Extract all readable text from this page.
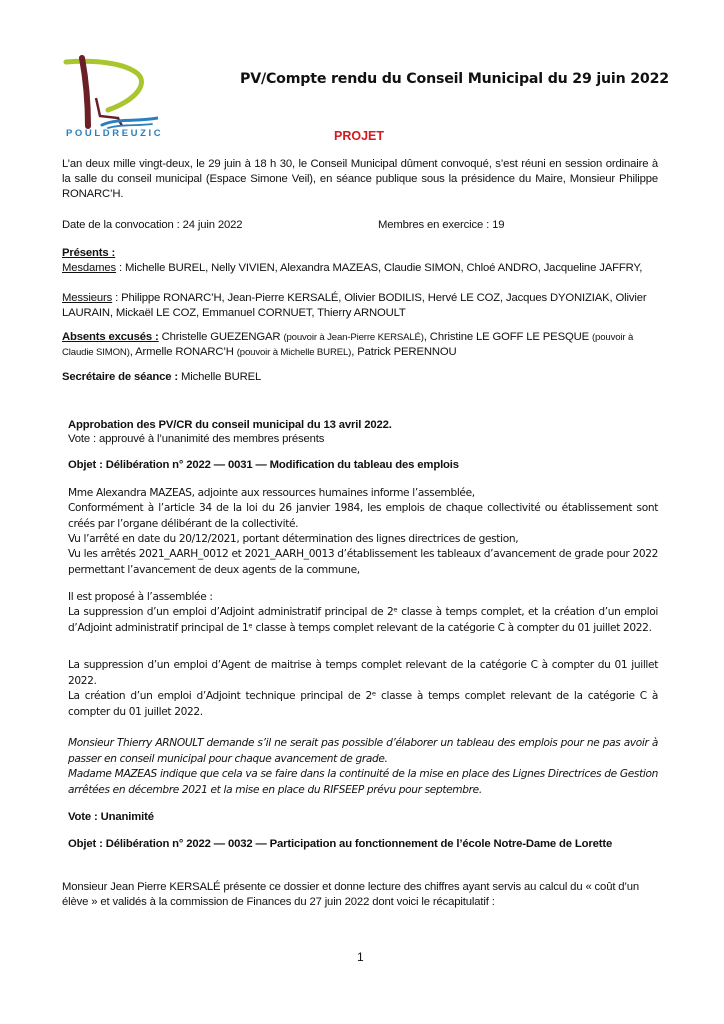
POULDREUZIC
PV/Compte rendu du Conseil Municipal du 29 juin 2022
PROJET
L’an deux mille vingt-deux, le 29 juin à 18 h 30, le Conseil Municipal dûment convoqué, s’est réuni en session ordinaire à la salle du conseil municipal (Espace Simone Veil), en séance publique sous la présidence du Maire, Monsieur Philippe RONARC’H.
Date de la convocation : 24 juin 2022	Membres en exercice : 19
Présents :
Mesdames : Michelle BUREL, Nelly VIVIEN, Alexandra MAZEAS, Claudie SIMON, Chloé ANDRO, Jacqueline JAFFRY,
Messieurs : Philippe RONARC’H, Jean-Pierre KERSALÉ, Olivier BODILIS, Hervé LE COZ, Jacques DYONIZIAK, Olivier LAURAIN, Mickaël LE COZ, Emmanuel CORNUET, Thierry ARNOULT
Absents excusés : Christelle GUEZENGAR (pouvoir à Jean-Pierre KERSALÉ), Christine LE GOFF LE PESQUE (pouvoir à Claudie SIMON), Armelle RONARC’H (pouvoir à Michelle BUREL), Patrick PERENNOU
Secrétaire de séance : Michelle BUREL
Approbation des PV/CR du conseil municipal du 13 avril 2022.
Vote : approuvé à l’unanimité des membres présents
Objet : Délibération n° 2022 — 0031 — Modification du tableau des emplois
Mme Alexandra MAZEAS, adjointe aux ressources humaines informe l’assemblée,
Conformément à l’article 34 de la loi du 26 janvier 1984, les emplois de chaque collectivité ou établissement sont créés par l’organe délibérant de la collectivité.
Vu l’arrêté en date du 20/12/2021, portant détermination des lignes directrices de gestion,
Vu les arrêtés 2021_AARH_0012 et 2021_AARH_0013 d’établissement les tableaux d’avancement de grade pour 2022 permettant l’avancement de deux agents de la commune,
Il est proposé à l’assemblée :
La suppression d’un emploi d’Adjoint administratif principal de 2ᵉ classe à temps complet, et la création d’un emploi d’Adjoint administratif principal de 1ᵉ classe à temps complet relevant de la catégorie C à compter du 01 juillet 2022.
La suppression d’un emploi d’Agent de maitrise à temps complet relevant de la catégorie C à compter du 01 juillet 2022.
La création d’un emploi d’Adjoint technique principal de 2ᵉ classe à temps complet relevant de la catégorie C à compter du 01 juillet 2022.
Monsieur Thierry ARNOULT demande s’il ne serait pas possible d’élaborer un tableau des emplois pour ne pas avoir à passer en conseil municipal pour chaque avancement de grade.
Madame MAZEAS indique que cela va se faire dans la continuité de la mise en place des Lignes Directrices de Gestion arrêtées en décembre 2021 et la mise en place du RIFSEEP prévu pour septembre.
Vote : Unanimité
Objet : Délibération n° 2022 — 0032 — Participation au fonctionnement de l’école Notre-Dame de Lorette
Monsieur Jean Pierre KERSALÉ présente ce dossier et donne lecture des chiffres ayant servis au calcul du « coût d’un élève » et validés à la commission de Finances du 27 juin 2022 dont voici le récapitulatif :
1
